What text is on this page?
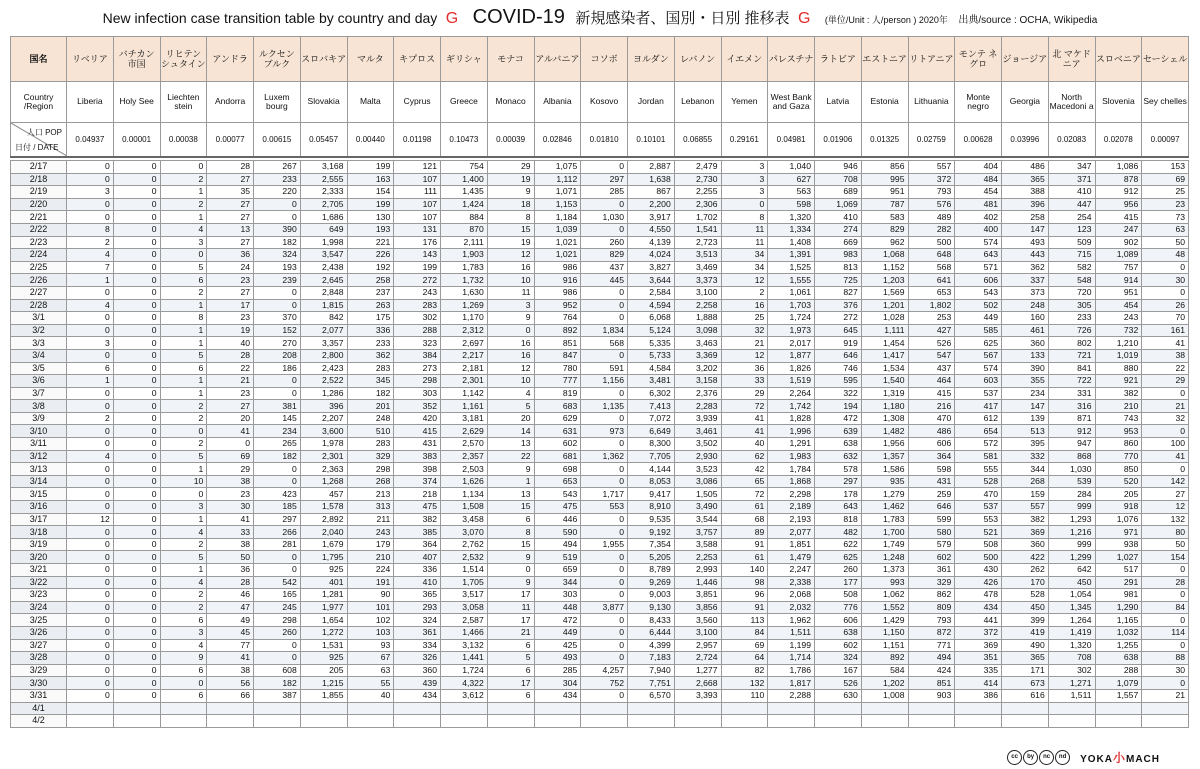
New infection case transition table by country and day G COVID-19 新規感染者、国別・日別 推移表 G (単位/Unit : 人/person ) 2020年 出典/source : OCHA, Wikipedia
国名	リベリア	バチカン 市国	リヒテン シュタイン	アンドラ	ルクセン ブルク	スロバキア	マルタ	キプロス	ギリシャ	モナコ	アルバニア	コソボ	ヨルダン	レバノン	イエメン	パレスチナ	ラトビア	エストニア	リトアニア	モンテ ネグロ	ジョージア	北 マケドニア	スロベニア	セーシェル
Country /Region	Liberia	Holy See	Liechten stein	Andorra	Luxem bourg	Slovakia	Malta	Cyprus	Greece	Monaco	Albania	Kosovo	Jordan	Lebanon	Yemen	West Bank and Gaza	Latvia	Estonia	Lithuania	Monte negro	Georgia	North Macedoni a	Slovenia	Sey chelles

人口 POP
日付 / DATE	0.04937	0.00001	0.00038	0.00077	0.00615	0.05457	0.00440	0.01198	0.10473	0.00039	0.02846	0.01810	0.10101	0.06855	0.29161	0.04981	0.01906	0.01325	0.02759	0.00628	0.03996	0.02083	0.02078	0.00097

2/17	0	0	0	28	267	3,168	199	121	754	29	1,075	0	2,887	2,479	3	1,040	946	856	557	404	486	347	1,086	153
2/18	0	0	2	27	233	2,555	163	107	1,400	19	1,112	297	1,638	2,730	3	627	708	995	372	484	365	371	878	69
2/19	3	0	1	35	220	2,333	154	111	1,435	9	1,071	285	867	2,255	3	563	689	951	793	454	388	410	912	25
2/20	0	0	2	27	0	2,705	199	107	1,424	18	1,153	0	2,200	2,306	0	598	1,069	787	576	481	396	447	956	23
2/21	0	0	1	27	0	1,686	130	107	884	8	1,184	1,030	3,917	1,702	8	1,320	410	583	489	402	258	254	415	73
2/22	8	0	4	13	390	649	193	131	870	15	1,039	0	4,550	1,541	11	1,334	274	829	282	400	147	123	247	63
2/23	2	0	3	27	182	1,998	221	176	2,111	19	1,021	260	4,139	2,723	11	1,408	669	962	500	574	493	509	902	50
2/24	4	0	0	36	324	3,547	226	143	1,903	12	1,021	829	4,024	3,513	34	1,391	983	1,068	648	643	443	715	1,089	48
2/25	7	0	5	24	193	2,438	192	199	1,783	16	986	437	3,827	3,469	34	1,525	813	1,152	568	571	362	582	757	0
2/26	1	0	6	23	239	2,645	258	272	1,732	10	916	445	3,644	3,373	12	1,555	725	1,203	641	606	337	548	914	30
2/27	0	0	2	27	0	2,848	237	243	1,630	11	986	0	2,584	3,100	2	1,061	827	1,569	653	543	373	720	951	0
2/28	4	0	1	17	0	1,815	263	283	1,269	3	952	0	4,594	2,258	16	1,703	376	1,201	1,802	502	248	305	454	26
3/1	0	0	8	23	370	842	175	302	1,170	9	764	0	6,068	1,888	25	1,724	272	1,028	253	449	160	233	243	70
3/2	0	0	1	19	152	2,077	336	288	2,312	0	892	1,834	5,124	3,098	32	1,973	645	1,111	427	585	461	726	732	161
3/3	3	0	1	40	270	3,357	233	323	2,697	16	851	568	5,335	3,463	21	2,017	919	1,454	526	625	360	802	1,210	41
3/4	0	0	5	28	208	2,800	362	384	2,217	16	847	0	5,733	3,369	12	1,877	646	1,417	547	567	133	721	1,019	38
3/5	6	0	6	22	186	2,423	283	273	2,181	12	780	591	4,584	3,202	36	1,826	746	1,534	437	574	390	841	880	22
3/6	1	0	1	21	0	2,522	345	298	2,301	10	777	1,156	3,481	3,158	33	1,519	595	1,540	464	603	355	722	921	29
3/7	0	0	1	23	0	1,286	182	303	1,142	4	819	0	6,302	2,376	29	2,264	322	1,319	415	537	234	331	382	0
3/8	0	0	2	27	381	396	201	352	1,161	5	683	1,135	7,413	2,283	72	1,742	194	1,180	216	417	147	316	210	21
3/9	2	0	2	20	145	2,207	248	420	3,181	20	629	0	7,072	3,939	41	1,828	472	1,308	470	612	139	871	743	32
3/10	0	0	0	41	234	3,600	510	415	2,629	14	631	973	6,649	3,461	41	1,996	639	1,482	486	654	513	912	953	0
3/11	0	0	2	0	265	1,978	283	431	2,570	13	602	0	8,300	3,502	40	1,291	638	1,956	606	572	395	947	860	100
3/12	4	0	5	69	182	2,301	329	383	2,357	22	681	1,362	7,705	2,930	62	1,983	632	1,357	364	581	332	868	770	41
3/13	0	0	1	29	0	2,363	298	398	2,503	9	698	0	4,144	3,523	42	1,784	578	1,586	598	555	344	1,030	850	0
3/14	0	0	10	38	0	1,268	268	374	1,626	1	653	0	8,053	3,086	65	1,868	297	935	431	528	268	539	520	142
3/15	0	0	0	23	423	457	213	218	1,134	13	543	1,717	9,417	1,505	72	2,298	178	1,279	259	470	159	284	205	27
3/16	0	0	3	30	185	1,578	313	475	1,508	15	475	553	8,910	3,490	61	2,189	643	1,462	646	537	557	999	918	12
3/17	12	0	1	41	297	2,892	211	382	3,458	6	446	0	9,535	3,544	68	2,193	818	1,783	599	553	382	1,293	1,076	132
3/18	0	0	4	33	266	2,040	243	385	3,070	8	590	0	9,192	3,757	89	2,077	482	1,700	580	521	369	1,216	971	80
3/19	0	0	2	38	281	1,679	179	364	2,762	15	494	1,955	7,354	3,588	91	1,851	622	1,749	579	508	360	999	938	50
3/20	0	0	5	50	0	1,795	210	407	2,532	9	519	0	5,205	2,253	61	1,479	625	1,248	602	500	422	1,299	1,027	154
3/21	0	0	1	36	0	925	224	336	1,514	0	659	0	8,789	2,993	140	2,247	260	1,373	361	430	262	642	517	0
3/22	0	0	4	28	542	401	191	410	1,705	9	344	0	9,269	1,446	98	2,338	177	993	329	426	170	450	291	28
3/23	0	0	2	46	165	1,281	90	365	3,517	17	303	0	9,003	3,851	96	2,068	508	1,062	862	478	528	1,054	981	0
3/24	0	0	2	47	245	1,977	101	293	3,058	11	448	3,877	9,130	3,856	91	2,032	776	1,552	809	434	450	1,345	1,290	84
3/25	0	0	6	49	298	1,654	102	324	2,587	17	472	0	8,433	3,560	113	1,962	606	1,429	793	441	399	1,264	1,165	0
3/26	0	0	3	45	260	1,272	103	361	1,466	21	449	0	6,444	3,100	84	1,511	638	1,150	872	372	419	1,419	1,032	114
3/27	0	0	4	77	0	1,531	93	334	3,132	6	425	0	4,399	2,957	69	1,199	602	1,151	771	369	490	1,320	1,255	0
3/28	0	0	9	41	0	925	67	326	1,441	5	493	0	7,183	2,724	64	1,714	324	892	494	351	365	708	638	88
3/29	0	0	6	38	608	205	63	360	1,724	6	285	4,257	7,940	1,277	82	1,786	167	584	424	335	171	302	288	30
3/30	0	0	0	56	182	1,215	55	439	4,322	17	304	752	7,751	2,668	132	1,817	526	1,202	851	414	673	1,271	1,079	0
3/31	0	0	6	66	387	1,855	40	434	3,612	6	434	0	6,570	3,393	110	2,288	630	1,008	903	386	616	1,511	1,557	21
4/1																								
4/2																								
cc	by	nc	nd	YOKA小MACH
